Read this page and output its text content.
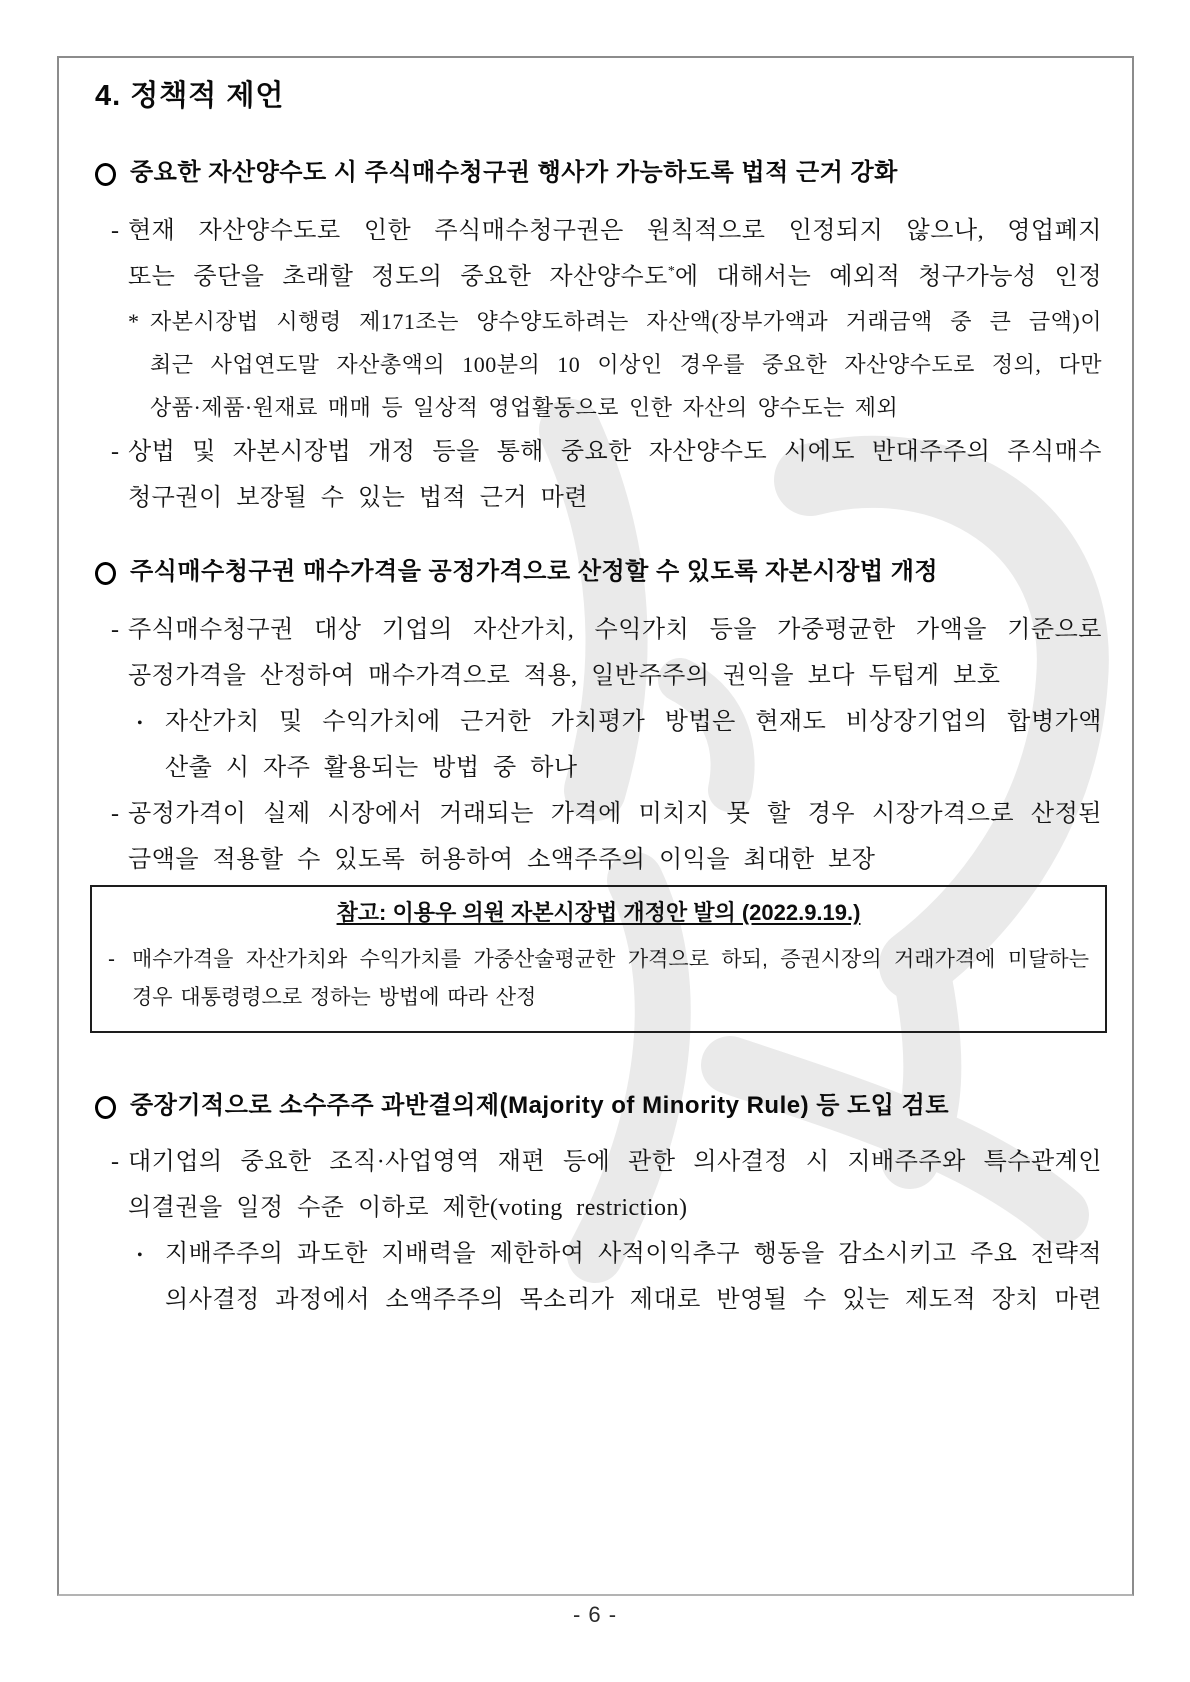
4. 정책적 제언
중요한 자산양수도 시 주식매수청구권 행사가 가능하도록 법적 근거 강화
- 현재 자산양수도로 인한 주식매수청구권은 원칙적으로 인정되지 않으나, 영업폐지
또는 중단을 초래할 정도의 중요한 자산양수도*에 대해서는 예외적 청구가능성 인정
* 자본시장법 시행령 제171조는 양수양도하려는 자산액(장부가액과 거래금액 중 큰 금액)이
최근 사업연도말 자산총액의 100분의 10 이상인 경우를 중요한 자산양수도로 정의, 다만
상품·제품·원재료 매매 등 일상적 영업활동으로 인한 자산의 양수도는 제외
- 상법 및 자본시장법 개정 등을 통해 중요한 자산양수도 시에도 반대주주의 주식매수
청구권이 보장될 수 있는 법적 근거 마련
주식매수청구권 매수가격을 공정가격으로 산정할 수 있도록 자본시장법 개정
- 주식매수청구권 대상 기업의 자산가치, 수익가치 등을 가중평균한 가액을 기준으로
공정가격을 산정하여 매수가격으로 적용, 일반주주의 권익을 보다 두텁게 보호
• 자산가치 및 수익가치에 근거한 가치평가 방법은 현재도 비상장기업의 합병가액
산출 시 자주 활용되는 방법 중 하나
- 공정가격이 실제 시장에서 거래되는 가격에 미치지 못 할 경우 시장가격으로 산정된
금액을 적용할 수 있도록 허용하여 소액주주의 이익을 최대한 보장
참고: 이용우 의원 자본시장법 개정안 발의 (2022.9.19.)
- 매수가격을 자산가치와 수익가치를 가중산술평균한 가격으로 하되, 증권시장의 거래가격에 미달하는
경우 대통령령으로 정하는 방법에 따라 산정
중장기적으로 소수주주 과반결의제(Majority of Minority Rule) 등 도입 검토
- 대기업의 중요한 조직·사업영역 재편 등에 관한 의사결정 시 지배주주와 특수관계인
의결권을 일정 수준 이하로 제한(voting restriction)
• 지배주주의 과도한 지배력을 제한하여 사적이익추구 행동을 감소시키고 주요 전략적
의사결정 과정에서 소액주주의 목소리가 제대로 반영될 수 있는 제도적 장치 마련
- 6 -
